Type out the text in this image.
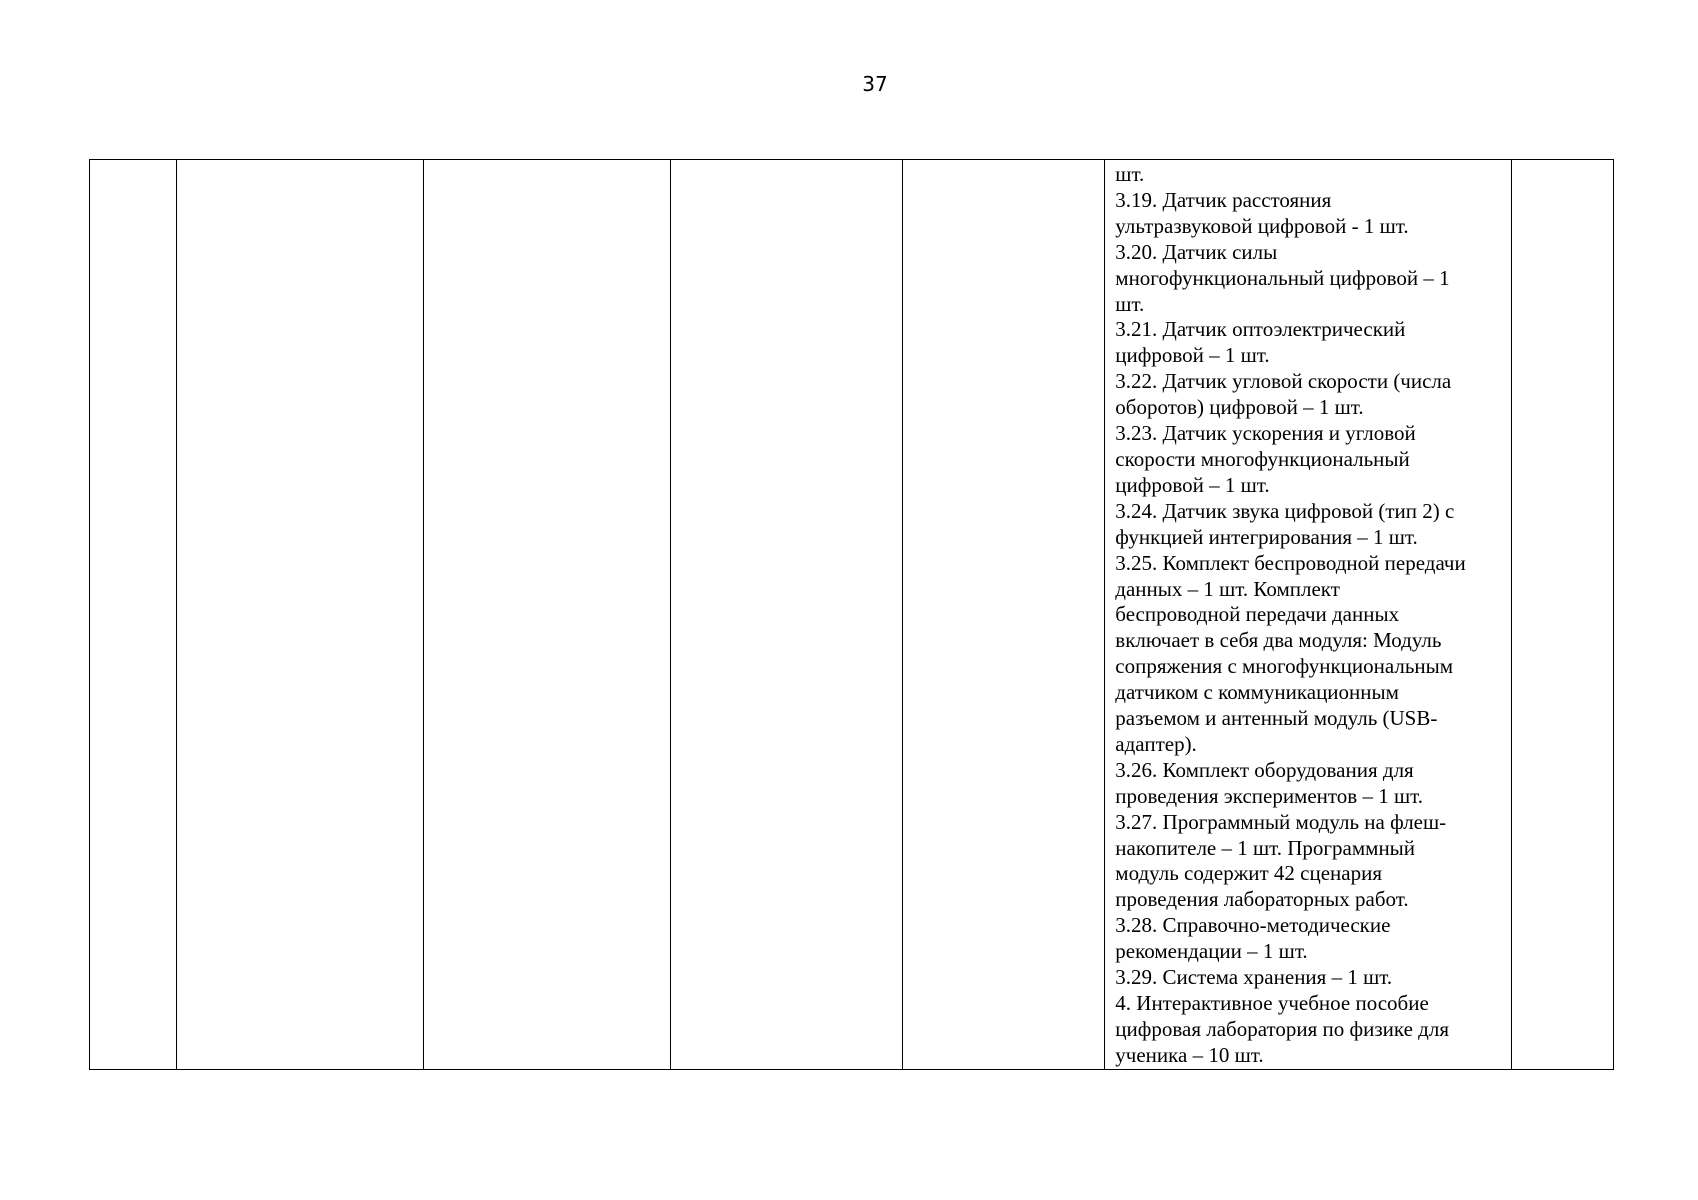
37

шт.
3.19. Датчик расстояния
ультразвуковой цифровой - 1 шт.
3.20. Датчик силы
многофункциональный цифровой – 1
шт.
3.21. Датчик оптоэлектрический
цифровой – 1 шт.
3.22. Датчик угловой скорости (числа
оборотов) цифровой – 1 шт.
3.23. Датчик ускорения и угловой
скорости многофункциональный
цифровой – 1 шт.
3.24. Датчик звука цифровой (тип 2) с
функцией интегрирования – 1 шт.
3.25. Комплект беспроводной передачи
данных – 1 шт. Комплект
беспроводной передачи данных
включает в себя два модуля: Модуль
сопряжения с многофункциональным
датчиком с коммуникационным
разъемом и антенный модуль (USB-
адаптер).
3.26. Комплект оборудования для
проведения экспериментов – 1 шт.
3.27. Программный модуль на флеш-
накопителе – 1 шт. Программный
модуль содержит 42 сценария
проведения лабораторных работ.
3.28. Справочно-методические
рекомендации – 1 шт.
3.29. Система хранения – 1 шт.
4. Интерактивное учебное пособие
цифровая лаборатория по физике для
ученика – 10 шт.
